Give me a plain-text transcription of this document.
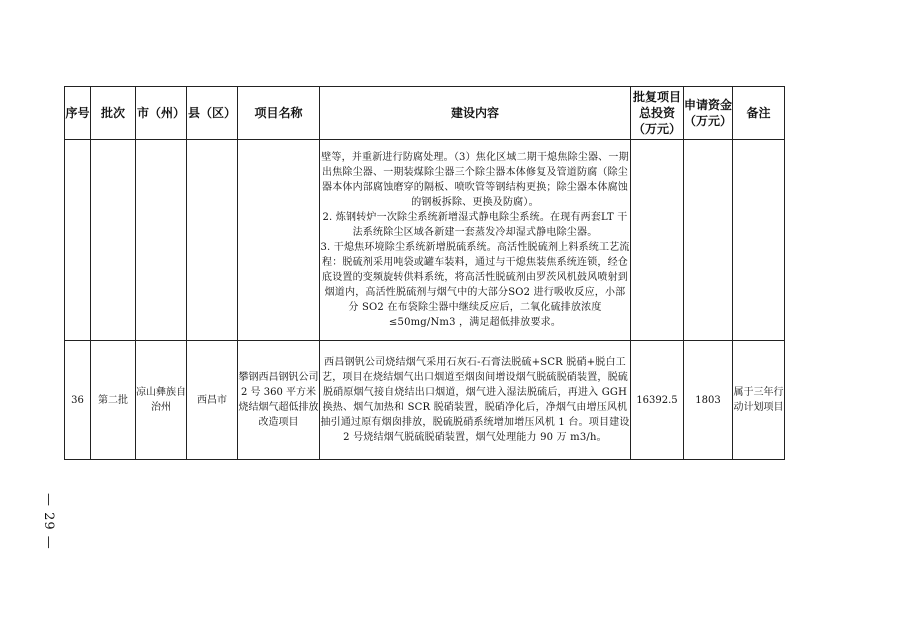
— 29 —
序号	批次	市（州）	县（区）	项目名称	建设内容	批复项目总投资（万元）	申请资金（万元）	备注

					壁等，并重新进行防腐处理。（3）焦化区域二期干熄焦除尘器、一期出焦除尘器、一期装煤除尘器三个除尘器本体修复及管道防腐（除尘器本体内部腐蚀磨穿的隔板、喷吹管等钢结构更换；除尘器本体腐蚀的钢板拆除、更换及防腐）。

2. 炼钢转炉一次除尘系统新增湿式静电除尘系统。在现有两套LT 干法系统除尘区域各新建一套蒸发冷却湿式静电除尘器。

3. 干熄焦环境除尘系统新增脱硫系统。高活性脱硫剂上料系统工艺流程：脱硫剂采用吨袋或罐车装料，通过与干熄焦装焦系统连锁，经仓底设置的变频旋转供料系统，将高活性脱硫剂由罗茨风机鼓风喷射到烟道内，高活性脱硫剂与烟气中的大部分SO2 进行吸收反应，小部分 SO2 在布袋除尘器中继续反应后，二氧化硫排放浓度≤50mg/Nm3 ，满足超低排放要求。			

36	第二批	凉山彝族自治州	西昌市	攀钢西昌钢钒公司 2 号 360 平方米烧结烟气超低排放改造项目	西昌钢钒公司烧结烟气采用石灰石-石膏法脱硫+SCR 脱硝+脱白工艺，项目在烧结烟气出口烟道至烟囱间增设烟气脱硫脱硝装置，脱硫脱硝原烟气接自烧结出口烟道，烟气进入湿法脱硫后，再进入 GGH 换热、烟气加热和 SCR 脱硝装置，脱硝净化后，净烟气由增压风机抽引通过原有烟囱排放，脱硫脱硝系统增加增压风机 1 台。项目建设 2 号烧结烟气脱硫脱硝装置，烟气处理能力 90 万 m3/h。	16392.5	1803	属于三年行动计划项目
